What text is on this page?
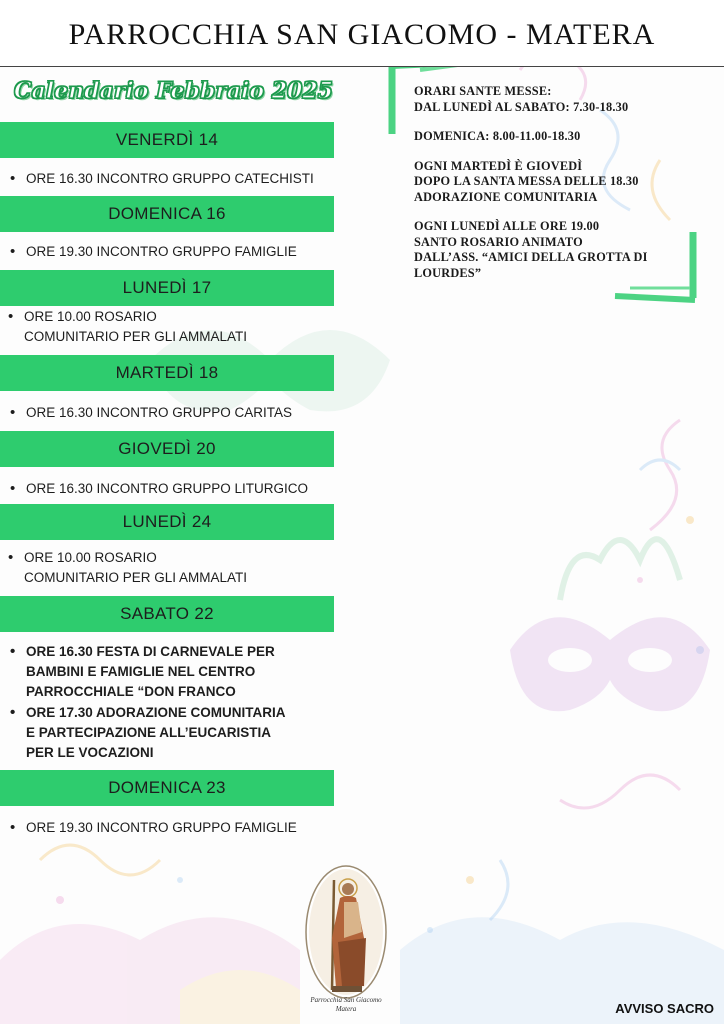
PARROCCHIA SAN GIACOMO - MATERA
Calendario Febbraio 2025
VENERDÌ 14
• ORE 16.30 INCONTRO GRUPPO CATECHISTI
DOMENICA 16
• ORE 19.30 INCONTRO GRUPPO FAMIGLIE
LUNEDÌ 17
• ORE 10.00 ROSARIO
COMUNITARIO PER GLI AMMALATI
MARTEDÌ 18
• ORE 16.30 INCONTRO GRUPPO CARITAS
GIOVEDÌ 20
• ORE 16.30 INCONTRO GRUPPO LITURGICO
LUNEDÌ 24
• ORE 10.00 ROSARIO
COMUNITARIO PER GLI AMMALATI
SABATO 22
• ORE 16.30 FESTA DI CARNEVALE PER
BAMBINI E FAMIGLIE NEL CENTRO
PARROCCHIALE “DON FRANCO
• ORE 17.30 ADORAZIONE COMUNITARIA
E PARTECIPAZIONE ALL’EUCARISTIA
PER LE VOCAZIONI
DOMENICA 23
• ORE 19.30 INCONTRO GRUPPO FAMIGLIE

ORARI SANTE MESSE:
DAL LUNEDÌ AL SABATO: 7.30-18.30

DOMENICA: 8.00-11.00-18.30

OGNI MARTEDÌ È GIOVEDÌ
DOPO LA SANTA MESSA DELLE 18.30
ADORAZIONE COMUNITARIA

OGNI LUNEDÌ ALLE ORE 19.00
SANTO ROSARIO ANIMATO
DALL’ASS. “AMICI DELLA GROTTA DI
LOURDES”

Parrocchia San Giacomo
Matera	AVVISO SACRO
